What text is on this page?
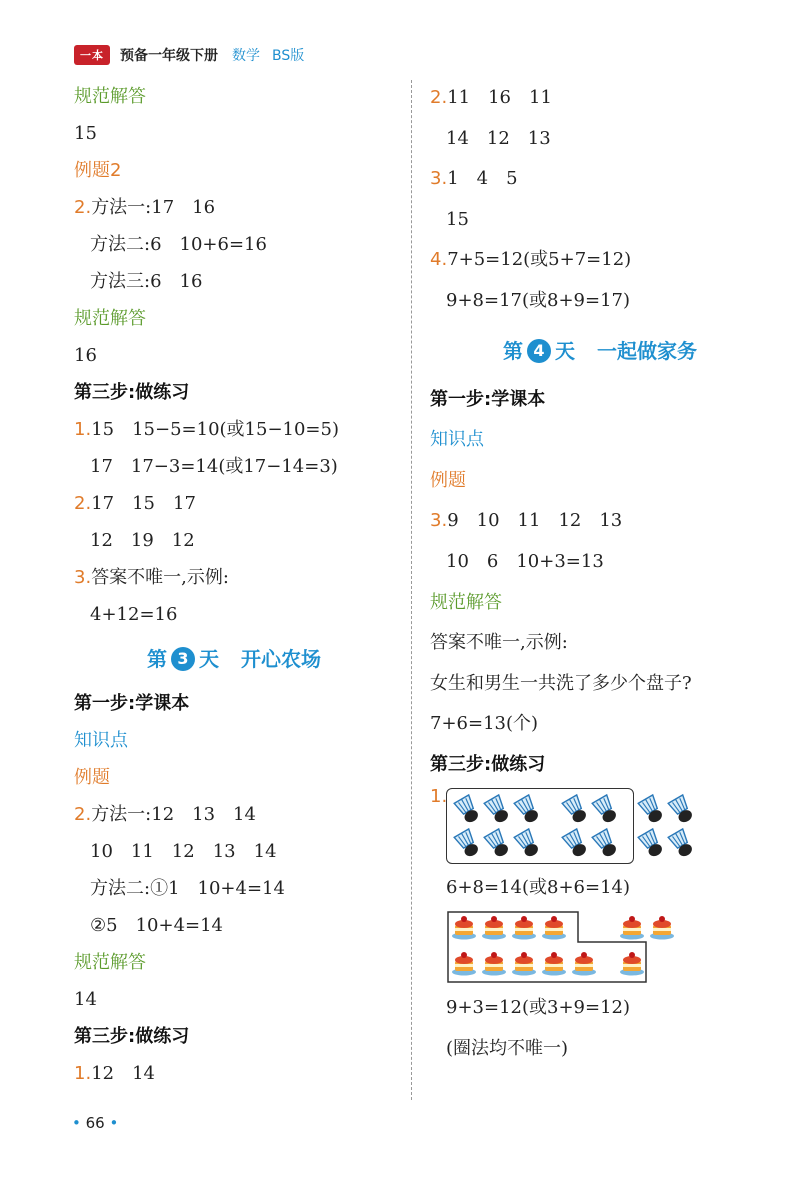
一本	预备一年级下册 数学 BS版
规范解答
15
例题2
2.方法一:17　16
方法二:6　10+6=16
方法三:6　16
规范解答
16
第三步:做练习
1.15　15−5=10(或15−10=5)
17　17−3=14(或17−14=3)
2.17　15　17
12　19　12
3.答案不唯一,示例:
4+12=16
第 3 天 开心农场
第一步:学课本
知识点
例题
2.方法一:12　13　14
10　11　12　13　14
方法二:①1　10+4=14
②5　10+4=14
规范解答
14
第三步:做练习
1.12　14
2.11　16　11
14　12　13
3.1　4　5
15
4.7+5=12(或5+7=12)
9+8=17(或8+9=17)
第 4 天 一起做家务
第一步:学课本
知识点
例题
3.9　10　11　12　13
10　6　10+3=13
规范解答
答案不唯一,示例:
女生和男生一共洗了多少个盘子?
7+6=13(个)
第三步:做练习
1.
6+8=14(或8+6=14)
9+3=12(或3+9=12)
(圈法均不唯一)
• 66 •
